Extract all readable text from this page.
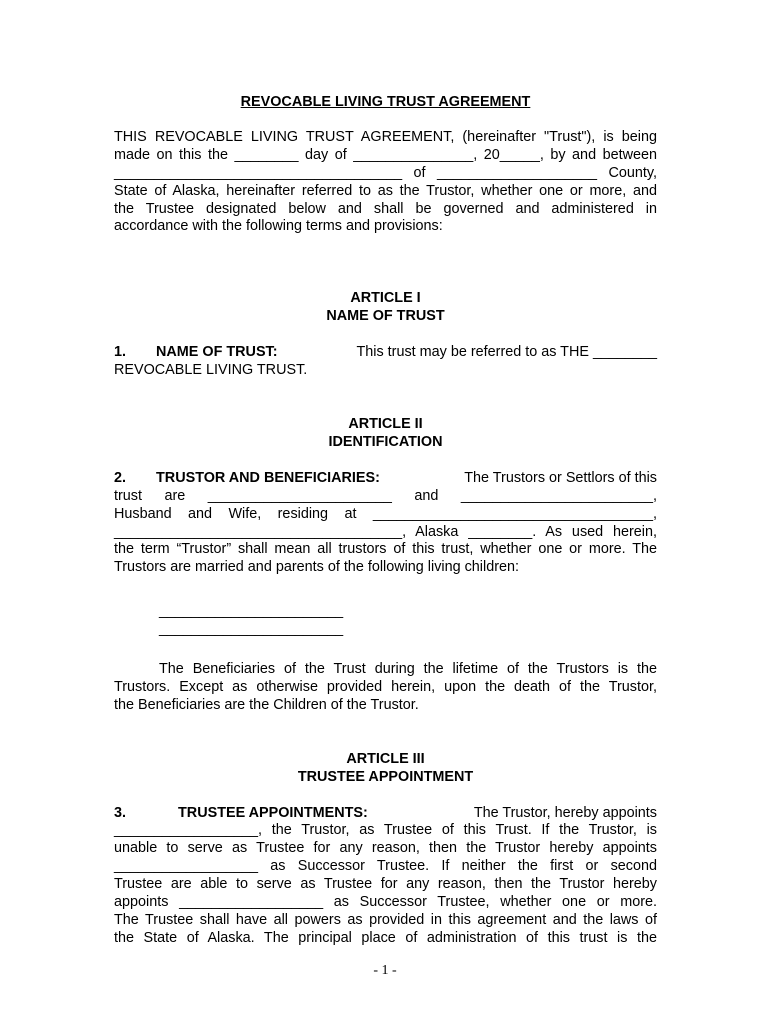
REVOCABLE LIVING TRUST AGREEMENT

THIS REVOCABLE LIVING TRUST AGREEMENT, (hereinafter "Trust"), is being
made on this the ________ day of _______________, 20_____, by and between
____________________________________ of ____________________ County,
State of Alaska, hereinafter referred to as the Trustor, whether one or more, and
the Trustee designated below and shall be governed and administered in
accordance with the following terms and provisions:

ARTICLE I

NAME OF TRUST

1. NAME OF TRUST:	This trust may be referred to as THE ________

REVOCABLE LIVING TRUST.

ARTICLE II

IDENTIFICATION

2. TRUSTOR AND BENEFICIARIES:	The Trustors or Settlors of this
trust are _______________________ and ________________________,
Husband and Wife, residing at ___________________________________,
____________________________________, Alaska ________. As used herein,
the term “Trustor” shall mean all trustors of this trust, whether one or more. The
Trustors are married and parents of the following living children:
_______________________
_______________________
The Beneficiaries of the Trust during the lifetime of the Trustors is the
Trustors. Except as otherwise provided herein, upon the death of the Trustor,
the Beneficiaries are the Children of the Trustor.

ARTICLE III

TRUSTEE APPOINTMENT

3.	TRUSTEE APPOINTMENTS:	The Trustor, hereby appoints
__________________, the Trustor, as Trustee of this Trust. If the Trustor, is
unable to serve as Trustee for any reason, then the Trustor hereby appoints
__________________ as Successor Trustee. If neither the first or second
Trustee are able to serve as Trustee for any reason, then the Trustor hereby
appoints __________________ as Successor Trustee, whether one or more.
The Trustee shall have all powers as provided in this agreement and the laws of
the State of Alaska. The principal place of administration of this trust is the
- 1 -
